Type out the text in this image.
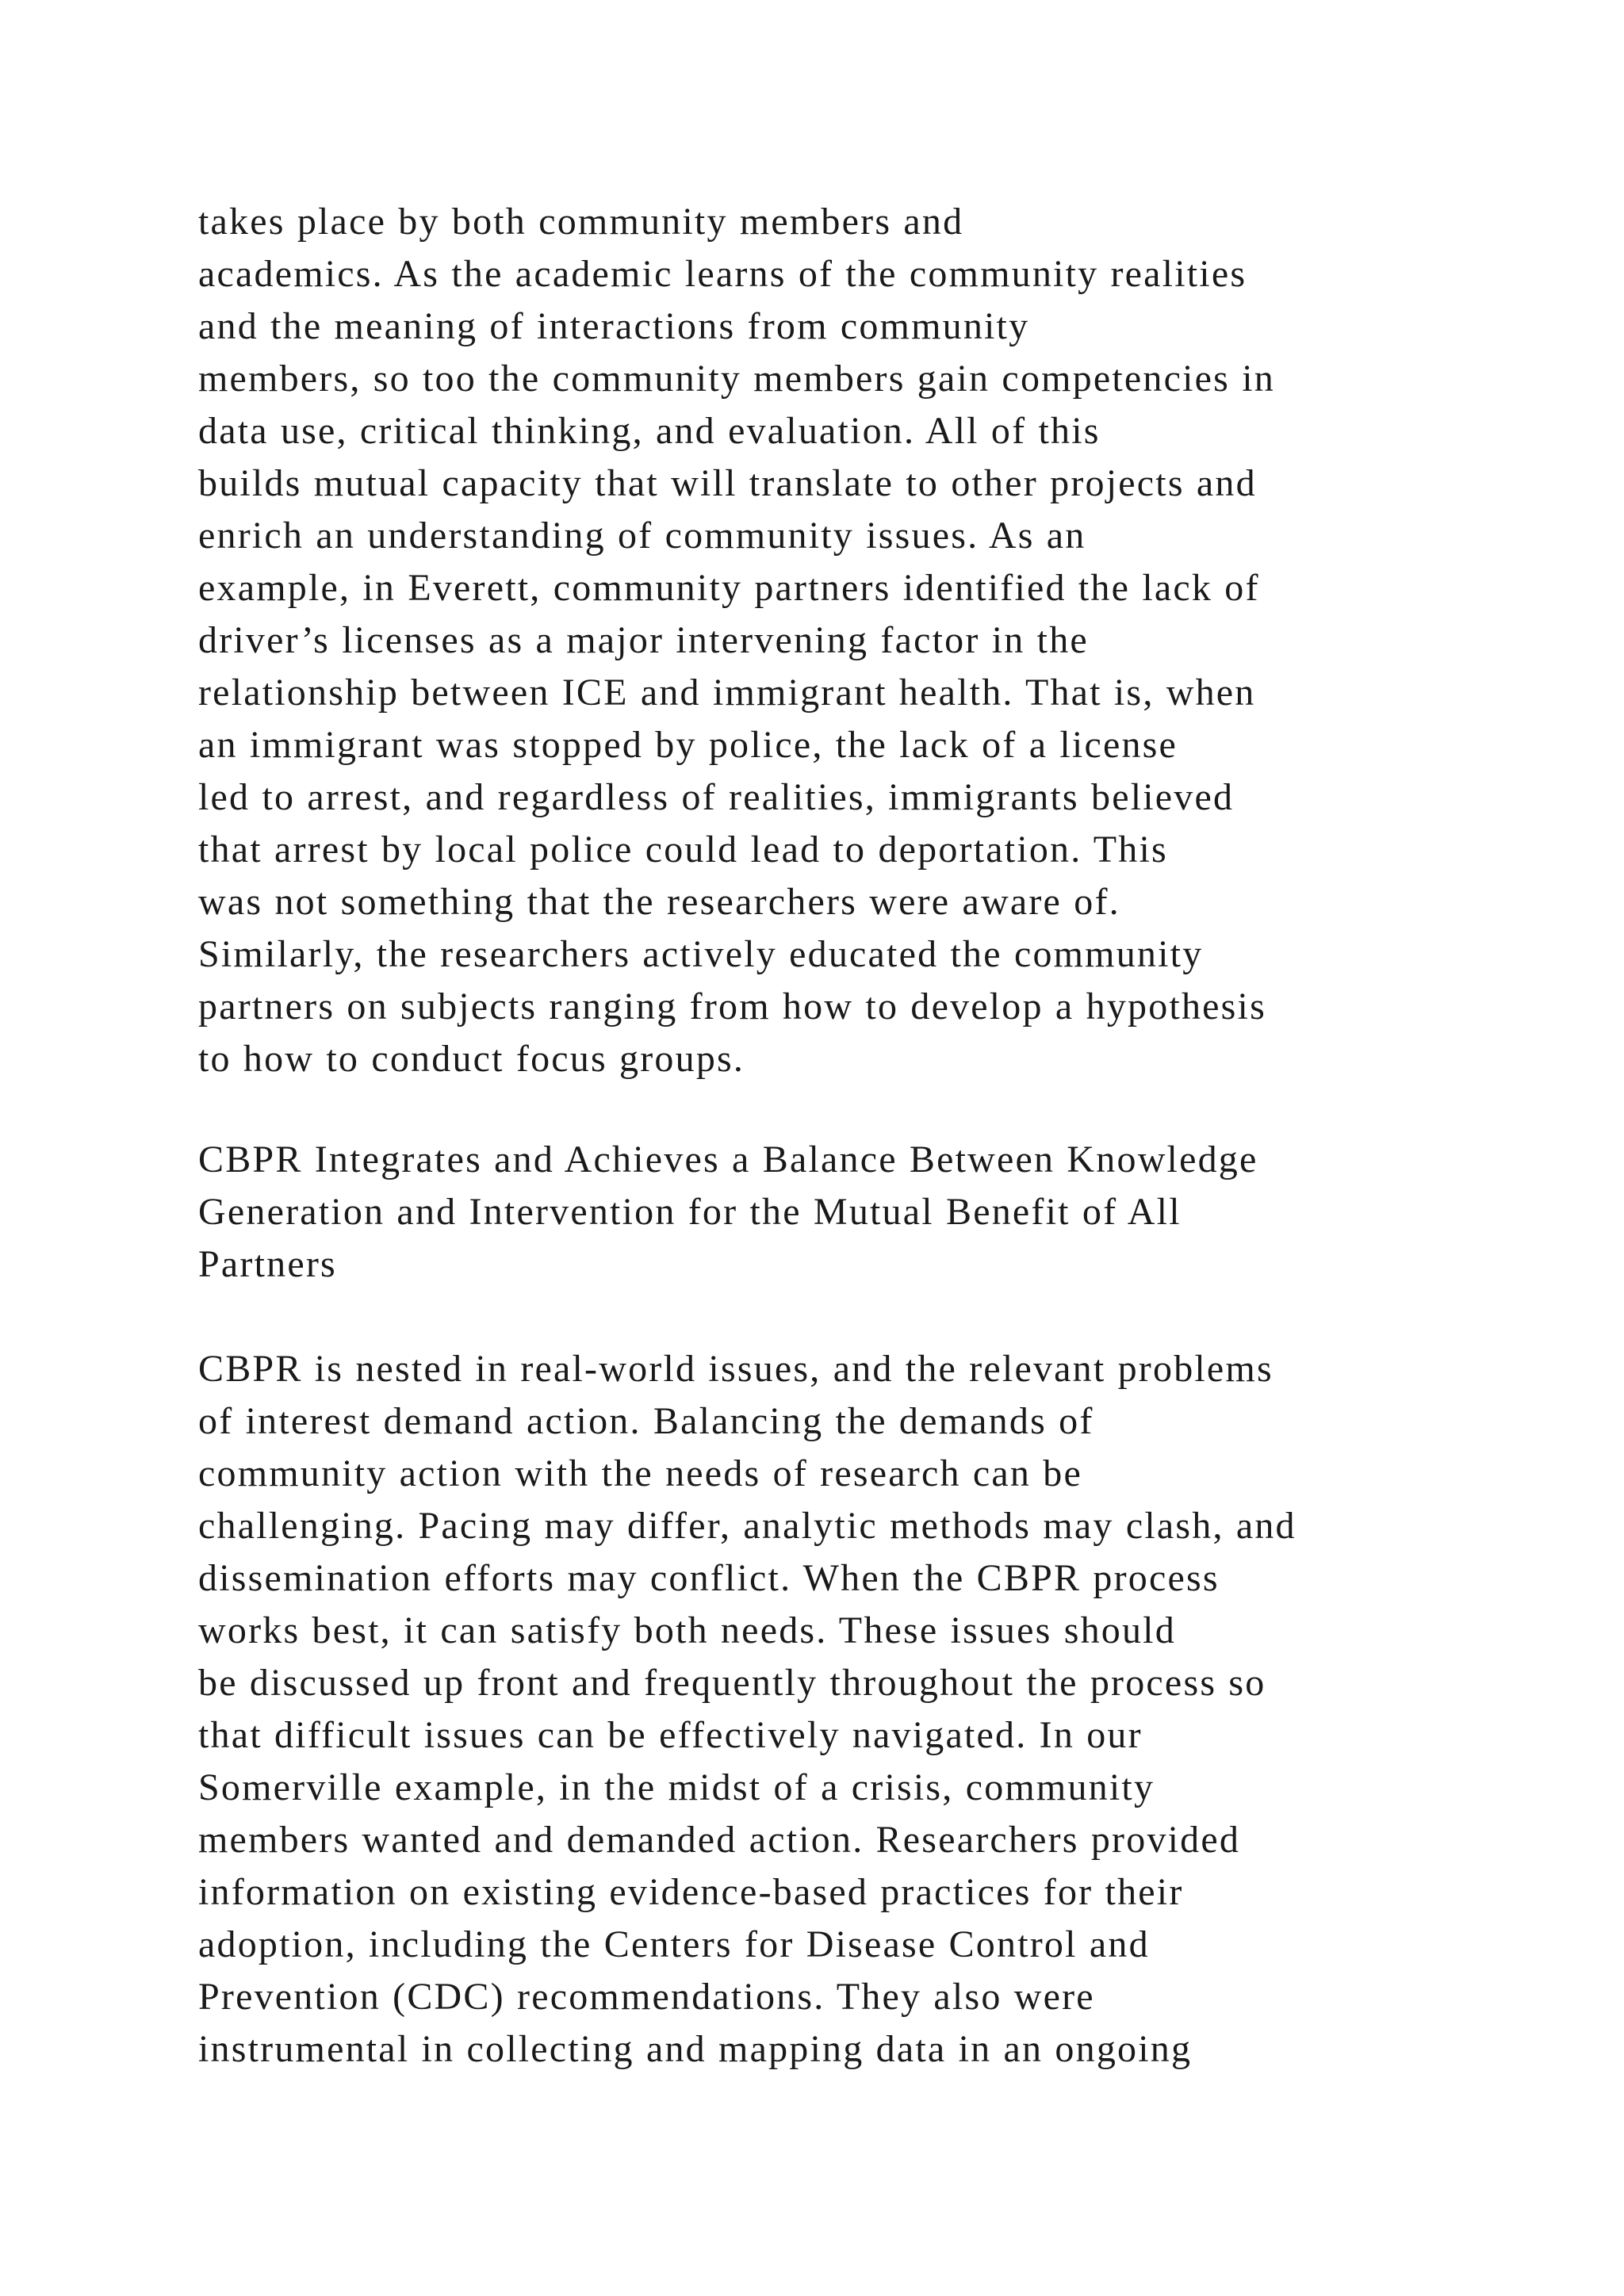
takes place by both community members and
academics. As the academic learns of the community realities
and the meaning of interactions from community
members, so too the community members gain competencies in
data use, critical thinking, and evaluation. All of this
builds mutual capacity that will translate to other projects and
enrich an understanding of community issues. As an
example, in Everett, community partners identified the lack of
driver’s licenses as a major intervening factor in the
relationship between ICE and immigrant health. That is, when
an immigrant was stopped by police, the lack of a license
led to arrest, and regardless of realities, immigrants believed
that arrest by local police could lead to deportation. This
was not something that the researchers were aware of.
Similarly, the researchers actively educated the community
partners on subjects ranging from how to develop a hypothesis
to how to conduct focus groups.
CBPR Integrates and Achieves a Balance Between Knowledge
Generation and Intervention for the Mutual Benefit of All
Partners
CBPR is nested in real-world issues, and the relevant problems
of interest demand action. Balancing the demands of
community action with the needs of research can be
challenging. Pacing may differ, analytic methods may clash, and
dissemination efforts may conflict. When the CBPR process
works best, it can satisfy both needs. These issues should
be discussed up front and frequently throughout the process so
that difficult issues can be effectively navigated. In our
Somerville example, in the midst of a crisis, community
members wanted and demanded action. Researchers provided
information on existing evidence-based practices for their
adoption, including the Centers for Disease Control and
Prevention (CDC) recommendations. They also were
instrumental in collecting and mapping data in an ongoing
